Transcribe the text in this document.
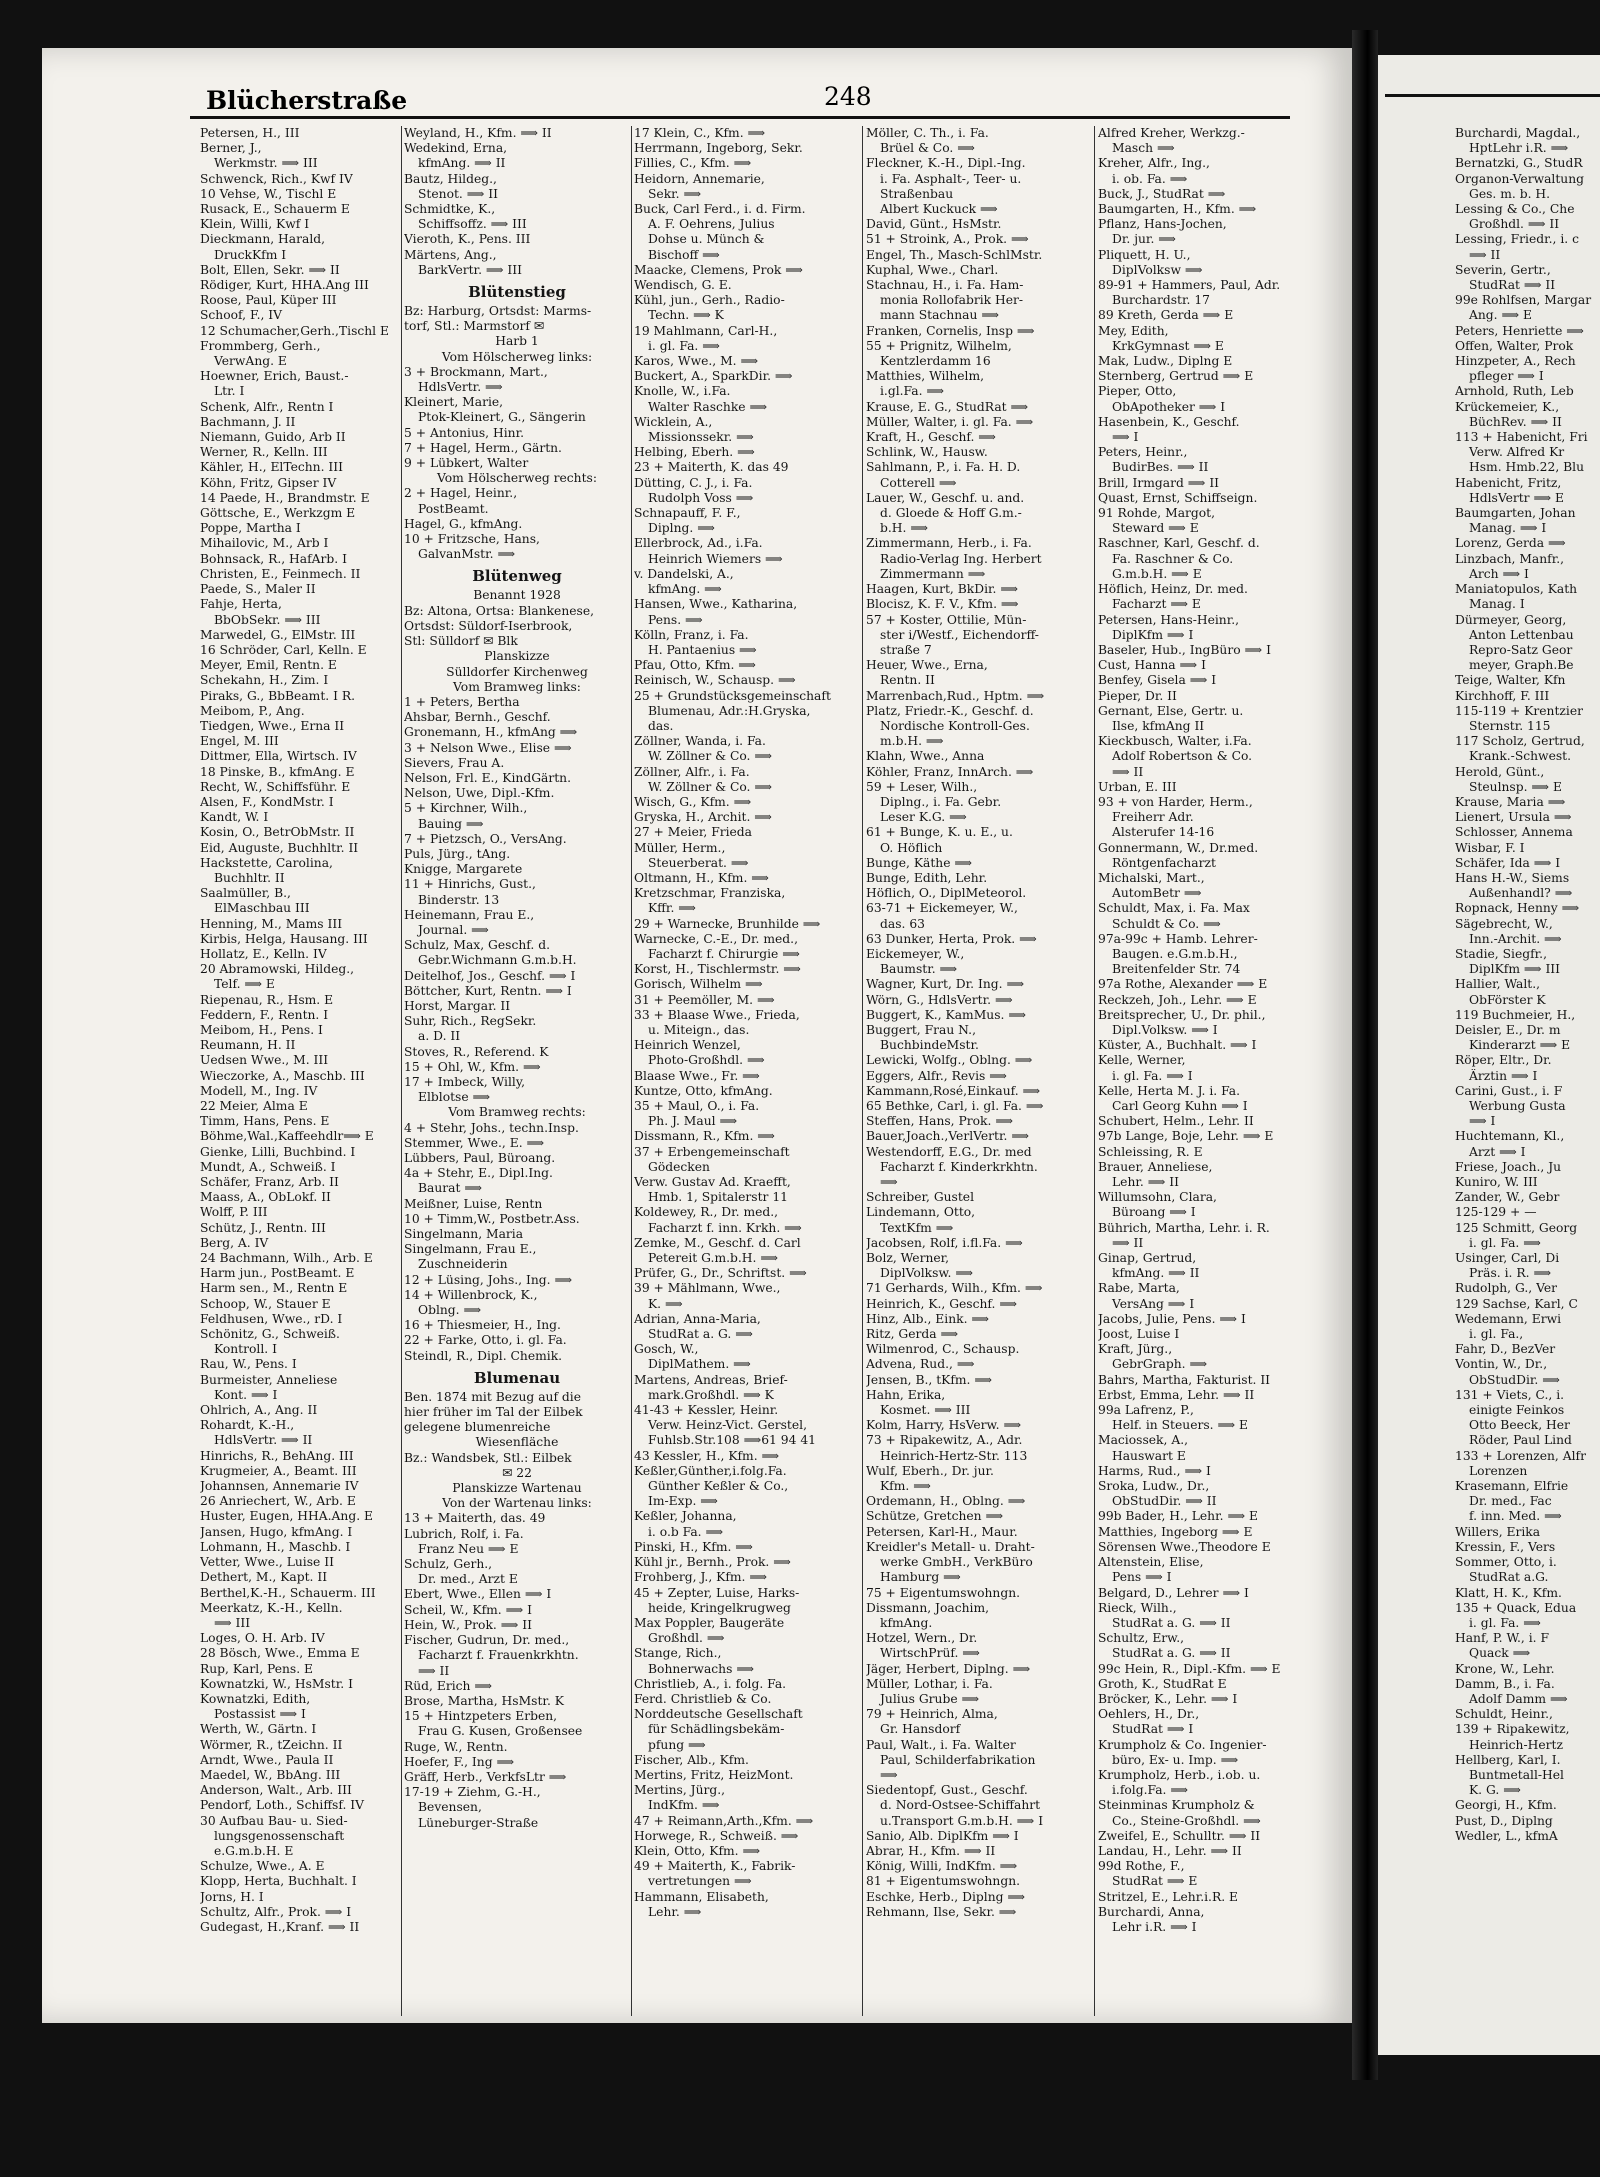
Blücherstraße	248
Petersen, H., III
Berner, J.,
Werkmstr. ⟹ III
Schwenck, Rich., Kwf IV
10 Vehse, W., Tischl E
Rusack, E., Schauerm E
Klein, Willi, Kwf I
Dieckmann, Harald,
DruckKfm I
Bolt, Ellen, Sekr. ⟹ II
Rödiger, Kurt, HHA.Ang III
Roose, Paul, Küper III
Schoof, F., IV
12 Schumacher,Gerh.,Tischl E
Frommberg, Gerh.,
VerwAng. E
Hoewner, Erich, Baust.-
Ltr. I
Schenk, Alfr., Rentn I
Bachmann, J. II
Niemann, Guido, Arb II
Werner, R., Kelln. III
Kähler, H., ElTechn. III
Köhn, Fritz, Gipser IV
14 Paede, H., Brandmstr. E
Göttsche, E., Werkzgm E
Poppe, Martha I
Mihailovic, M., Arb I
Bohnsack, R., HafArb. I
Christen, E., Feinmech. II
Paede, S., Maler II
Fahje, Herta,
BbObSekr. ⟹ III
Marwedel, G., ElMstr. III
16 Schröder, Carl, Kelln. E
Meyer, Emil, Rentn. E
Schekahn, H., Zim. I
Piraks, G., BbBeamt. I R.
Meibom, P., Ang.
Tiedgen, Wwe., Erna II
Engel, M. III
Dittmer, Ella, Wirtsch. IV
18 Pinske, B., kfmAng. E
Recht, W., Schiffsführ. E
Alsen, F., KondMstr. I
Kandt, W. I
Kosin, O., BetrObMstr. II
Eid, Auguste, Buchhltr. II
Hackstette, Carolina,
Buchhltr. II
Saalmüller, B.,
ElMaschbau III
Henning, M., Mams III
Kirbis, Helga, Hausang. III
Hollatz, E., Kelln. IV
20 Abramowski, Hildeg.,
Telf. ⟹ E
Riepenau, R., Hsm. E
Feddern, F., Rentn. I
Meibom, H., Pens. I
Reumann, H. II
Uedsen Wwe., M. III
Wieczorke, A., Maschb. III
Modell, M., Ing. IV
22 Meier, Alma E
Timm, Hans, Pens. E
Böhme,Wal.,Kaffeehdlr⟹ E
Gienke, Lilli, Buchbind. I
Mundt, A., Schweiß. I
Schäfer, Franz, Arb. II
Maass, A., ObLokf. II
Wolff, P. III
Schütz, J., Rentn. III
Berg, A. IV
24 Bachmann, Wilh., Arb. E
Harm jun., PostBeamt. E
Harm sen., M., Rentn E
Schoop, W., Stauer E
Feldhusen, Wwe., rD. I
Schönitz, G., Schweiß.
Kontroll. I
Rau, W., Pens. I
Burmeister, Anneliese
Kont. ⟹ I
Ohlrich, A., Ang. II
Rohardt, K.-H.,
HdlsVertr. ⟹ II
Hinrichs, R., BehAng. III
Krugmeier, A., Beamt. III
Johannsen, Annemarie IV
26 Anriechert, W., Arb. E
Huster, Eugen, HHA.Ang. E
Jansen, Hugo, kfmAng. I
Lohmann, H., Maschb. I
Vetter, Wwe., Luise II
Dethert, M., Kapt. II
Berthel,K.-H., Schauerm. III
Meerkatz, K.-H., Kelln.
⟹ III
Loges, O. H. Arb. IV
28 Bösch, Wwe., Emma E
Rup, Karl, Pens. E
Kownatzki, W., HsMstr. I
Kownatzki, Edith,
Postassist ⟹ I
Werth, W., Gärtn. I
Wörmer, R., tZeichn. II
Arndt, Wwe., Paula II
Maedel, W., BbAng. III
Anderson, Walt., Arb. III
Pendorf, Loth., Schiffsf. IV
30 Aufbau Bau- u. Sied-
lungsgenossenschaft
e.G.m.b.H. E
Schulze, Wwe., A. E
Klopp, Herta, Buchhalt. I
Jorns, H. I
Schultz, Alfr., Prok. ⟹ I
Gudegast, H.,Kranf. ⟹ II
Weyland, H., Kfm. ⟹ II
Wedekind, Erna,
kfmAng. ⟹ II
Bautz, Hildeg.,
Stenot. ⟹ II
Schmidtke, K.,
Schiffsoffz. ⟹ III
Vieroth, K., Pens. III
Märtens, Ang.,
BarkVertr. ⟹ III
Blütenstieg
Bz: Harburg, Ortsdst: Marms-
torf, Stl.: Marmstorf ✉
Harb 1
Vom Hölscherweg links:
3 + Brockmann, Mart.,
HdlsVertr. ⟹
Kleinert, Marie,
Ptok-Kleinert, G., Sängerin
5 + Antonius, Hinr.
7 + Hagel, Herm., Gärtn.
9 + Lübkert, Walter
Vom Hölscherweg rechts:
2 + Hagel, Heinr.,
PostBeamt.
Hagel, G., kfmAng.
10 + Fritzsche, Hans,
GalvanMstr. ⟹
Blütenweg
Benannt 1928
Bz: Altona, Ortsa: Blankenese,
Ortsdst: Süldorf-Iserbrook,
Stl: Sülldorf ✉ Blk
Planskizze
Sülldorfer Kirchenweg
Vom Bramweg links:
1 + Peters, Bertha
Ahsbar, Bernh., Geschf.
Gronemann, H., kfmAng ⟹
3 + Nelson Wwe., Elise ⟹
Sievers, Frau A.
Nelson, Frl. E., KindGärtn.
Nelson, Uwe, Dipl.-Kfm.
5 + Kirchner, Wilh.,
Bauing ⟹
7 + Pietzsch, O., VersAng.
Puls, Jürg., tAng.
Knigge, Margarete
11 + Hinrichs, Gust.,
Binderstr. 13
Heinemann, Frau E.,
Journal. ⟹
Schulz, Max, Geschf. d.
Gebr.Wichmann G.m.b.H.
Deitelhof, Jos., Geschf. ⟹ I
Böttcher, Kurt, Rentn. ⟹ I
Horst, Margar. II
Suhr, Rich., RegSekr.
a. D. II
Stoves, R., Referend. K
15 + Ohl, W., Kfm. ⟹
17 + Imbeck, Willy,
Elblotse ⟹
Vom Bramweg rechts:
4 + Stehr, Johs., techn.Insp.
Stemmer, Wwe., E. ⟹
Lübbers, Paul, Büroang.
4a + Stehr, E., Dipl.Ing.
Baurat ⟹
Meißner, Luise, Rentn
10 + Timm,W., Postbetr.Ass.
Singelmann, Maria
Singelmann, Frau E.,
Zuschneiderin
12 + Lüsing, Johs., Ing. ⟹
14 + Willenbrock, K.,
Oblng. ⟹
16 + Thiesmeier, H., Ing.
22 + Farke, Otto, i. gl. Fa.
Steindl, R., Dipl. Chemik.
Blumenau
Ben. 1874 mit Bezug auf die
hier früher im Tal der Eilbek
gelegene blumenreiche
Wiesenfläche
Bz.: Wandsbek, Stl.: Eilbek
✉ 22
Planskizze Wartenau
Von der Wartenau links:
13 + Maiterth, das. 49
Lubrich, Rolf, i. Fa.
Franz Neu ⟹ E
Schulz, Gerh.,
Dr. med., Arzt E
Ebert, Wwe., Ellen ⟹ I
Scheil, W., Kfm. ⟹ I
Hein, W., Prok. ⟹ II
Fischer, Gudrun, Dr. med.,
Facharzt f. Frauenkrkhtn.
⟹ II
Rüd, Erich ⟹
Brose, Martha, HsMstr. K
15 + Hintzpeters Erben,
Frau G. Kusen, Großensee
Ruge, W., Rentn.
Hoefer, F., Ing ⟹
Gräff, Herb., VerkfsLtr ⟹
17-19 + Ziehm, G.-H.,
Bevensen,
Lüneburger-Straße
17 Klein, C., Kfm. ⟹
Herrmann, Ingeborg, Sekr.
Fillies, C., Kfm. ⟹
Heidorn, Annemarie,
Sekr. ⟹
Buck, Carl Ferd., i. d. Firm.
A. F. Oehrens, Julius
Dohse u. Münch &
Bischoff ⟹
Maacke, Clemens, Prok ⟹
Wendisch, G. E.
Kühl, jun., Gerh., Radio-
Techn. ⟹ K
19 Mahlmann, Carl-H.,
i. gl. Fa. ⟹
Karos, Wwe., M. ⟹
Buckert, A., SparkDir. ⟹
Knolle, W., i.Fa.
Walter Raschke ⟹
Wicklein, A.,
Missionssekr. ⟹
Helbing, Eberh. ⟹
23 + Maiterth, K. das 49
Dütting, C. J., i. Fa.
Rudolph Voss ⟹
Schnapauff, F. F.,
Diplng. ⟹
Ellerbrock, Ad., i.Fa.
Heinrich Wiemers ⟹
v. Dandelski, A.,
kfmAng. ⟹
Hansen, Wwe., Katharina,
Pens. ⟹
Kölln, Franz, i. Fa.
H. Pantaenius ⟹
Pfau, Otto, Kfm. ⟹
Reinisch, W., Schausp. ⟹
25 + Grundstücksgemeinschaft
Blumenau, Adr.:H.Gryska,
das.
Zöllner, Wanda, i. Fa.
W. Zöllner & Co. ⟹
Zöllner, Alfr., i. Fa.
W. Zöllner & Co. ⟹
Wisch, G., Kfm. ⟹
Gryska, H., Archit. ⟹
27 + Meier, Frieda
Müller, Herm.,
Steuerberat. ⟹
Oltmann, H., Kfm. ⟹
Kretzschmar, Franziska,
Kffr. ⟹
29 + Warnecke, Brunhilde ⟹
Warnecke, C.-E., Dr. med.,
Facharzt f. Chirurgie ⟹
Korst, H., Tischlermstr. ⟹
Gorisch, Wilhelm ⟹
31 + Peemöller, M. ⟹
33 + Blaase Wwe., Frieda,
u. Miteign., das.
Heinrich Wenzel,
Photo-Großhdl. ⟹
Blaase Wwe., Fr. ⟹
Kuntze, Otto, kfmAng.
35 + Maul, O., i. Fa.
Ph. J. Maul ⟹
Dissmann, R., Kfm. ⟹
37 + Erbengemeinschaft
Gödecken
Verw. Gustav Ad. Kraefft,
Hmb. 1, Spitalerstr 11
Koldewey, R., Dr. med.,
Facharzt f. inn. Krkh. ⟹
Zemke, M., Geschf. d. Carl
Petereit G.m.b.H. ⟹
Prüfer, G., Dr., Schriftst. ⟹
39 + Mählmann, Wwe.,
K. ⟹
Adrian, Anna-Maria,
StudRat a. G. ⟹
Gosch, W.,
DiplMathem. ⟹
Martens, Andreas, Brief-
mark.Großhdl. ⟹ K
41-43 + Kessler, Heinr.
Verw. Heinz-Vict. Gerstel,
Fuhlsb.Str.108 ⟹61 94 41
43 Kessler, H., Kfm. ⟹
Keßler,Günther,i.folg.Fa.
Günther Keßler & Co.,
Im-Exp. ⟹
Keßler, Johanna,
i. o.b Fa. ⟹
Pinski, H., Kfm. ⟹
Kühl jr., Bernh., Prok. ⟹
Frohberg, J., Kfm. ⟹
45 + Zepter, Luise, Harks-
heide, Kringelkrugweg
Max Poppler, Baugeräte
Großhdl. ⟹
Stange, Rich.,
Bohnerwachs ⟹
Christlieb, A., i. folg. Fa.
Ferd. Christlieb & Co.
Norddeutsche Gesellschaft
für Schädlingsbekäm-
pfung ⟹
Fischer, Alb., Kfm.
Mertins, Fritz, HeizMont.
Mertins, Jürg.,
IndKfm. ⟹
47 + Reimann,Arth.,Kfm. ⟹
Horwege, R., Schweiß. ⟹
Klein, Otto, Kfm. ⟹
49 + Maiterth, K., Fabrik-
vertretungen ⟹
Hammann, Elisabeth,
Lehr. ⟹
Möller, C. Th., i. Fa.
Brüel & Co. ⟹
Fleckner, K.-H., Dipl.-Ing.
i. Fa. Asphalt-, Teer- u.
Straßenbau
Albert Kuckuck ⟹
David, Günt., HsMstr.
51 + Stroink, A., Prok. ⟹
Engel, Th., Masch-SchlMstr.
Kuphal, Wwe., Charl.
Stachnau, H., i. Fa. Ham-
monia Rollofabrik Her-
mann Stachnau ⟹
Franken, Cornelis, Insp ⟹
55 + Prignitz, Wilhelm,
Kentzlerdamm 16
Matthies, Wilhelm,
i.gl.Fa. ⟹
Krause, E. G., StudRat ⟹
Müller, Walter, i. gl. Fa. ⟹
Kraft, H., Geschf. ⟹
Schlink, W., Hausw.
Sahlmann, P., i. Fa. H. D.
Cotterell ⟹
Lauer, W., Geschf. u. and.
d. Gloede & Hoff G.m.-
b.H. ⟹
Zimmermann, Herb., i. Fa.
Radio-Verlag Ing. Herbert
Zimmermann ⟹
Haagen, Kurt, BkDir. ⟹
Blocisz, K. F. V., Kfm. ⟹
57 + Koster, Ottilie, Mün-
ster i/Westf., Eichendorff-
straße 7
Heuer, Wwe., Erna,
Rentn. II
Marrenbach,Rud., Hptm. ⟹
Platz, Friedr.-K., Geschf. d.
Nordische Kontroll-Ges.
m.b.H. ⟹
Klahn, Wwe., Anna
Köhler, Franz, InnArch. ⟹
59 + Leser, Wilh.,
Diplng., i. Fa. Gebr.
Leser K.G. ⟹
61 + Bunge, K. u. E., u.
O. Höflich
Bunge, Käthe ⟹
Bunge, Edith, Lehr.
Höflich, O., DiplMeteorol.
63-71 + Eickemeyer, W.,
das. 63
63 Dunker, Herta, Prok. ⟹
Eickemeyer, W.,
Baumstr. ⟹
Wagner, Kurt, Dr. Ing. ⟹
Wörn, G., HdlsVertr. ⟹
Buggert, K., KamMus. ⟹
Buggert, Frau N.,
BuchbindeMstr.
Lewicki, Wolfg., Oblng. ⟹
Eggers, Alfr., Revis ⟹
Kammann,Rosé,Einkauf. ⟹
65 Bethke, Carl, i. gl. Fa. ⟹
Steffen, Hans, Prok. ⟹
Bauer,Joach.,VerlVertr. ⟹
Westendorff, E.G., Dr. med
Facharzt f. Kinderkrkhtn.
⟹
Schreiber, Gustel
Lindemann, Otto,
TextKfm ⟹
Jacobsen, Rolf, i.fl.Fa. ⟹
Bolz, Werner,
DiplVolksw. ⟹
71 Gerhards, Wilh., Kfm. ⟹
Heinrich, K., Geschf. ⟹
Hinz, Alb., Eink. ⟹
Ritz, Gerda ⟹
Wilmenrod, C., Schausp.
Advena, Rud., ⟹
Jensen, B., tKfm. ⟹
Hahn, Erika,
Kosmet. ⟹ III
Kolm, Harry, HsVerw. ⟹
73 + Ripakewitz, A., Adr.
Heinrich-Hertz-Str. 113
Wulf, Eberh., Dr. jur.
Kfm. ⟹
Ordemann, H., Oblng. ⟹
Schütze, Gretchen ⟹
Petersen, Karl-H., Maur.
Kreidler's Metall- u. Draht-
werke GmbH., VerkBüro
Hamburg ⟹
75 + Eigentumswohngn.
Dissmann, Joachim,
kfmAng.
Hotzel, Wern., Dr.
WirtschPrüf. ⟹
Jäger, Herbert, Diplng. ⟹
Müller, Lothar, i. Fa.
Julius Grube ⟹
79 + Heinrich, Alma,
Gr. Hansdorf
Paul, Walt., i. Fa. Walter
Paul, Schilderfabrikation
⟹
Siedentopf, Gust., Geschf.
d. Nord-Ostsee-Schiffahrt
u.Transport G.m.b.H. ⟹ I
Sanio, Alb. DiplKfm ⟹ I
Abrar, H., Kfm. ⟹ II
König, Willi, IndKfm. ⟹
81 + Eigentumswohngn.
Eschke, Herb., Diplng ⟹
Rehmann, Ilse, Sekr. ⟹
Alfred Kreher, Werkzg.-
Masch ⟹
Kreher, Alfr., Ing.,
i. ob. Fa. ⟹
Buck, J., StudRat ⟹
Baumgarten, H., Kfm. ⟹
Pflanz, Hans-Jochen,
Dr. jur. ⟹
Pliquett, H. U.,
DiplVolksw ⟹
89-91 + Hammers, Paul, Adr.
Burchardstr. 17
89 Kreth, Gerda ⟹ E
Mey, Edith,
KrkGymnast ⟹ E
Mak, Ludw., Diplng E
Sternberg, Gertrud ⟹ E
Pieper, Otto,
ObApotheker ⟹ I
Hasenbein, K., Geschf.
⟹ I
Peters, Heinr.,
BudirBes. ⟹ II
Brill, Irmgard ⟹ II
Quast, Ernst, Schiffseign.
91 Rohde, Margot,
Steward ⟹ E
Raschner, Karl, Geschf. d.
Fa. Raschner & Co.
G.m.b.H. ⟹ E
Höflich, Heinz, Dr. med.
Facharzt ⟹ E
Petersen, Hans-Heinr.,
DiplKfm ⟹ I
Baseler, Hub., IngBüro ⟹ I
Cust, Hanna ⟹ I
Benfey, Gisela ⟹ I
Pieper, Dr. II
Gernant, Else, Gertr. u.
Ilse, kfmAng II
Kieckbusch, Walter, i.Fa.
Adolf Robertson & Co.
⟹ II
Urban, E. III
93 + von Harder, Herm.,
Freiherr Adr.
Alsterufer 14-16
Gonnermann, W., Dr.med.
Röntgenfacharzt
Michalski, Mart.,
AutomBetr ⟹
Schuldt, Max, i. Fa. Max
Schuldt & Co. ⟹
97a-99c + Hamb. Lehrer-
Baugen. e.G.m.b.H.,
Breitenfelder Str. 74
97a Rothe, Alexander ⟹ E
Reckzeh, Joh., Lehr. ⟹ E
Breitsprecher, U., Dr. phil.,
Dipl.Volksw. ⟹ I
Küster, A., Buchhalt. ⟹ I
Kelle, Werner,
i. gl. Fa. ⟹ I
Kelle, Herta M. J. i. Fa.
Carl Georg Kuhn ⟹ I
Schubert, Helm., Lehr. II
97b Lange, Boje, Lehr. ⟹ E
Schleissing, R. E
Brauer, Anneliese,
Lehr. ⟹ II
Willumsohn, Clara,
Büroang ⟹ I
Bührich, Martha, Lehr. i. R.
⟹ II
Ginap, Gertrud,
kfmAng. ⟹ II
Rabe, Marta,
VersAng ⟹ I
Jacobs, Julie, Pens. ⟹ I
Joost, Luise I
Kraft, Jürg.,
GebrGraph. ⟹
Bahrs, Martha, Fakturist. II
Erbst, Emma, Lehr. ⟹ II
99a Lafrenz, P.,
Helf. in Steuers. ⟹ E
Maciossek, A.,
Hauswart E
Harms, Rud., ⟹ I
Sroka, Ludw., Dr.,
ObStudDir. ⟹ II
99b Bader, H., Lehr. ⟹ E
Matthies, Ingeborg ⟹ E
Sörensen Wwe.,Theodore E
Altenstein, Elise,
Pens ⟹ I
Belgard, D., Lehrer ⟹ I
Rieck, Wilh.,
StudRat a. G. ⟹ II
Schultz, Erw.,
StudRat a. G. ⟹ II
99c Hein, R., Dipl.-Kfm. ⟹ E
Groth, K., StudRat E
Bröcker, K., Lehr. ⟹ I
Oehlers, H., Dr.,
StudRat ⟹ I
Krumpholz & Co. Ingenier-
büro, Ex- u. Imp. ⟹
Krumpholz, Herb., i.ob. u.
i.folg.Fa. ⟹
Steinminas Krumpholz &
Co., Steine-Großhdl. ⟹
Zweifel, E., Schulltr. ⟹ II
Landau, H., Lehr. ⟹ II
99d Rothe, F.,
StudRat ⟹ E
Stritzel, E., Lehr.i.R. E
Burchardi, Anna,
Lehr i.R. ⟹ I
Burchardi, Magdal.,
HptLehr i.R. ⟹
Bernatzki, G., StudR
Organon-Verwaltung
Ges. m. b. H.
Lessing & Co., Che
Großhdl. ⟹ II
Lessing, Friedr., i. c
⟹ II
Severin, Gertr.,
StudRat ⟹ II
99e Rohlfsen, Margar
Ang. ⟹ E
Peters, Henriette ⟹
Offen, Walter, Prok
Hinzpeter, A., Rech
pfleger ⟹ I
Arnhold, Ruth, Leb
Krückemeier, K.,
BüchRev. ⟹ II
113 + Habenicht, Fri
Verw. Alfred Kr
Hsm. Hmb.22, Blu
Habenicht, Fritz,
HdlsVertr ⟹ E
Baumgarten, Johan
Manag. ⟹ I
Lorenz, Gerda ⟹
Linzbach, Manfr.,
Arch ⟹ I
Maniatopulos, Kath
Manag. I
Dürmeyer, Georg,
Anton Lettenbau
Repro-Satz Geor
meyer, Graph.Be
Teige, Walter, Kfn
Kirchhoff, F. III
115-119 + Krentzier
Sternstr. 115
117 Scholz, Gertrud,
Krank.-Schwest.
Herold, Günt.,
Steulnsp. ⟹ E
Krause, Maria ⟹
Lienert, Ursula ⟹
Schlosser, Annema
Wisbar, F. I
Schäfer, Ida ⟹ I
Hans H.-W., Siems
Außenhandl? ⟹
Ropnack, Henny ⟹
Sägebrecht, W.,
Inn.-Archit. ⟹
Stadie, Siegfr.,
DiplKfm ⟹ III
Hallier, Walt.,
ObFörster K
119 Buchmeier, H.,
Deisler, E., Dr. m
Kinderarzt ⟹ E
Röper, Eltr., Dr.
Ärztin ⟹ I
Carini, Gust., i. F
Werbung Gusta
⟹ I
Huchtemann, Kl.,
Arzt ⟹ I
Friese, Joach., Ju
Kuniro, W. III
Zander, W., Gebr
125-129 + —
125 Schmitt, Georg
i. gl. Fa. ⟹
Usinger, Carl, Di
Präs. i. R. ⟹
Rudolph, G., Ver
129 Sachse, Karl, C
Wedemann, Erwi
i. gl. Fa.,
Fahr, D., BezVer
Vontin, W., Dr.,
ObStudDir. ⟹
131 + Viets, C., i.
einigte Feinkos
Otto Beeck, Her
Röder, Paul Lind
133 + Lorenzen, Alfr
Lorenzen
Krasemann, Elfrie
Dr. med., Fac
f. inn. Med. ⟹
Willers, Erika
Kressin, F., Vers
Sommer, Otto, i.
StudRat a.G.
Klatt, H. K., Kfm.
135 + Quack, Edua
i. gl. Fa. ⟹
Hanf, P. W., i. F
Quack ⟹
Krone, W., Lehr.
Damm, B., i. Fa.
Adolf Damm ⟹
Schuldt, Heinr.,
139 + Ripakewitz,
Heinrich-Hertz
Hellberg, Karl, I.
Buntmetall-Hel
K. G. ⟹
Georgi, H., Kfm.
Pust, D., Diplng
Wedler, L., kfmA
